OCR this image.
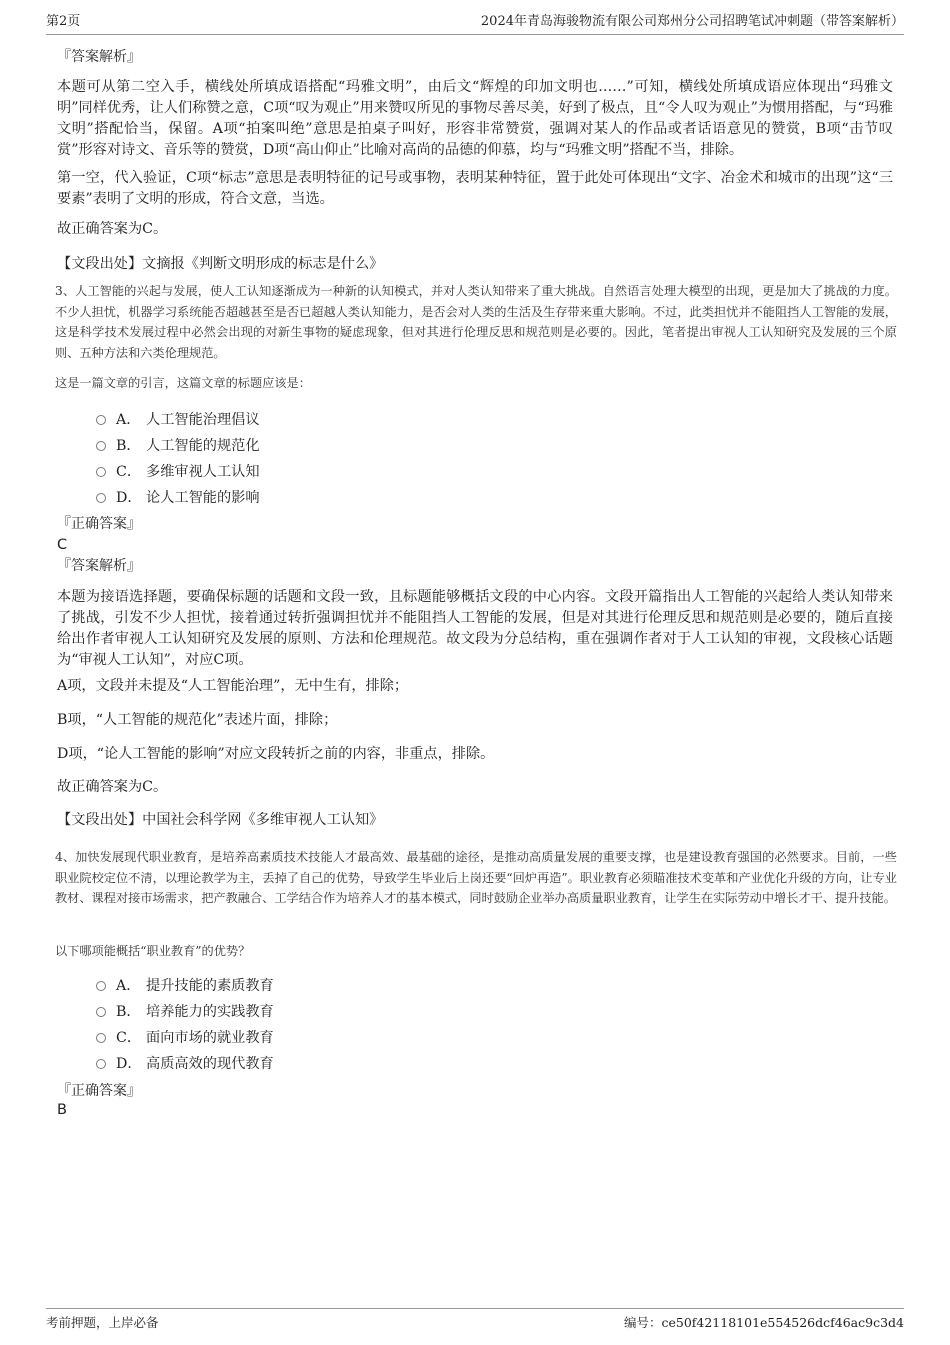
第2页	2024年青岛海骏物流有限公司郑州分公司招聘笔试冲刺题（带答案解析）
『答案解析』

本题可从第二空入手，横线处所填成语搭配“玛雅文明”，由后文“辉煌的印加文明也……”可知，横线处所填成语应体现出“玛雅文明”同样优秀，让人们称赞之意，C项“叹为观止”用来赞叹所见的事物尽善尽美，好到了极点，且“令人叹为观止”为惯用搭配，与“玛雅文明”搭配恰当，保留。A项“拍案叫绝”意思是拍桌子叫好，形容非常赞赏，强调对某人的作品或者话语意见的赞赏，B项“击节叹赏”形容对诗文、音乐等的赞赏，D项“高山仰止”比喻对高尚的品德的仰慕，均与“玛雅文明”搭配不当，排除。

第一空，代入验证，C项“标志”意思是表明特征的记号或事物，表明某种特征，置于此处可体现出“文字、冶金术和城市的出现”这“三要素”表明了文明的形成，符合文意，当选。

故正确答案为C。

【文段出处】文摘报《判断文明形成的标志是什么》

3、人工智能的兴起与发展，使人工认知逐渐成为一种新的认知模式，并对人类认知带来了重大挑战。自然语言处理大模型的出现，更是加大了挑战的力度。不少人担忧，机器学习系统能否超越甚至是否已超越人类认知能力，是否会对人类的生活及生存带来重大影响。不过，此类担忧并不能阻挡人工智能的发展，这是科学技术发展过程中必然会出现的对新生事物的疑虑现象，但对其进行伦理反思和规范则是必要的。因此，笔者提出审视人工认知研究及发展的三个原则、五种方法和六类伦理规范。

这是一篇文章的引言，这篇文章的标题应该是：
A． 人工智能治理倡议
B． 人工智能的规范化
C． 多维审视人工认知
D． 论人工智能的影响
『正确答案』
C
『答案解析』

本题为接语选择题，要确保标题的话题和文段一致，且标题能够概括文段的中心内容。文段开篇指出人工智能的兴起给人类认知带来了挑战，引发不少人担忧，接着通过转折强调担忧并不能阻挡人工智能的发展，但是对其进行伦理反思和规范则是必要的，随后直接给出作者审视人工认知研究及发展的原则、方法和伦理规范。故文段为分总结构，重在强调作者对于人工认知的审视，文段核心话题为“审视人工认知”，对应C项。

A项，文段并未提及“人工智能治理”，无中生有，排除；

B项，“人工智能的规范化”表述片面，排除；

D项，“论人工智能的影响”对应文段转折之前的内容，非重点，排除。

故正确答案为C。

【文段出处】中国社会科学网《多维审视人工认知》

4、加快发展现代职业教育，是培养高素质技术技能人才最高效、最基础的途径，是推动高质量发展的重要支撑，也是建设教育强国的必然要求。目前，一些职业院校定位不清，以理论教学为主，丢掉了自己的优势，导致学生毕业后上岗还要“回炉再造”。职业教育必须瞄准技术变革和产业优化升级的方向，让专业教材、课程对接市场需求，把产教融合、工学结合作为培养人才的基本模式，同时鼓励企业举办高质量职业教育，让学生在实际劳动中增长才干、提升技能。

以下哪项能概括“职业教育”的优势？
A． 提升技能的素质教育
B． 培养能力的实践教育
C． 面向市场的就业教育
D． 高质高效的现代教育
『正确答案』
B
考前押题，上岸必备	编号：ce50f42118101e554526dcf46ac9c3d4
